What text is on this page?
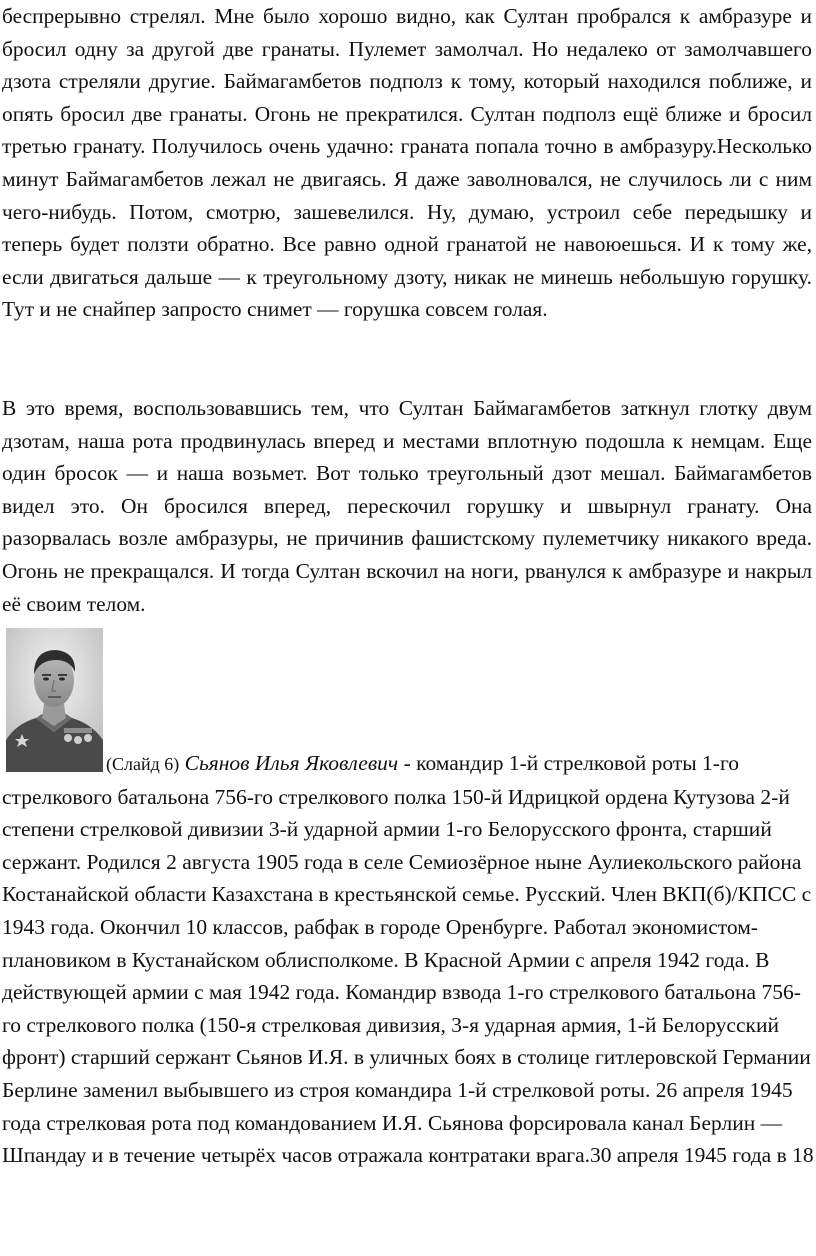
беспрерывно стрелял. Мне было хорошо видно, как Султан пробрался к амбразуре и бросил одну за другой две гранаты. Пулемет замолчал. Но недалеко от замолчавшего дзота стреляли другие. Баймагамбетов подполз к тому, который находился поближе, и опять бросил две гранаты. Огонь не прекратился. Султан подполз ещё ближе и бросил третью гранату. Получилось очень удачно: граната попала точно в амбразуру.Несколько минут Баймагамбетов лежал не двигаясь. Я даже заволновался, не случилось ли с ним чего-нибудь. Потом, смотрю, зашевелился. Ну, думаю, устроил себе передышку и теперь будет ползти обратно. Все равно одной гранатой не навоюешься. И к тому же, если двигаться дальше — к треугольному дзоту, никак не минешь небольшую горушку. Тут и не снайпер запросто снимет — горушка совсем голая.

В это время, воспользовавшись тем, что Султан Баймагамбетов заткнул глотку двум дзотам, наша рота продвинулась вперед и местами вплотную подошла к немцам. Еще один бросок — и наша возьмет. Вот только треугольный дзот мешал. Баймагамбетов видел это. Он бросился вперед, перескочил горушку и швырнул гранату. Она разорвалась возле амбразуры, не причинив фашистскому пулеметчику никакого вреда. Огонь не прекращался. И тогда Султан вскочил на ноги, рванулся к амбразуре и накрыл её своим телом.

(Слайд 6) Сьянов Илья Яковлевич - командир 1-й стрелковой роты 1-го стрелкового батальона 756-го стрелкового полка 150-й Идрицкой ордена Кутузова 2-й степени стрелковой дивизии 3-й ударной армии 1-го Белорусского фронта, старший сержант. Родился 2 августа 1905 года в селе Семиозёрное ныне Аулиекольского района Костанайской области Казахстана в крестьянской семье. Русский. Член ВКП(б)/КПСС с 1943 года. Окончил 10 классов, рабфак в городе Оренбурге. Работал экономистом-плановиком в Кустанайском облисполкоме. В Красной Армии с апреля 1942 года. В действующей армии с мая 1942 года. Командир взвода 1-го стрелкового батальона 756-го стрелкового полка (150-я стрелковая дивизия, 3-я ударная армия, 1-й Белорусский фронт) старший сержант Сьянов И.Я. в уличных боях в столице гитлеровской Германии Берлине заменил выбывшего из строя командира 1-й стрелковой роты. 26 апреля 1945 года стрелковая рота под командованием И.Я. Сьянова форсировала канал Берлин — Шпандау и в течение четырёх часов отражала контратаки врага.30 апреля 1945 года в 18
